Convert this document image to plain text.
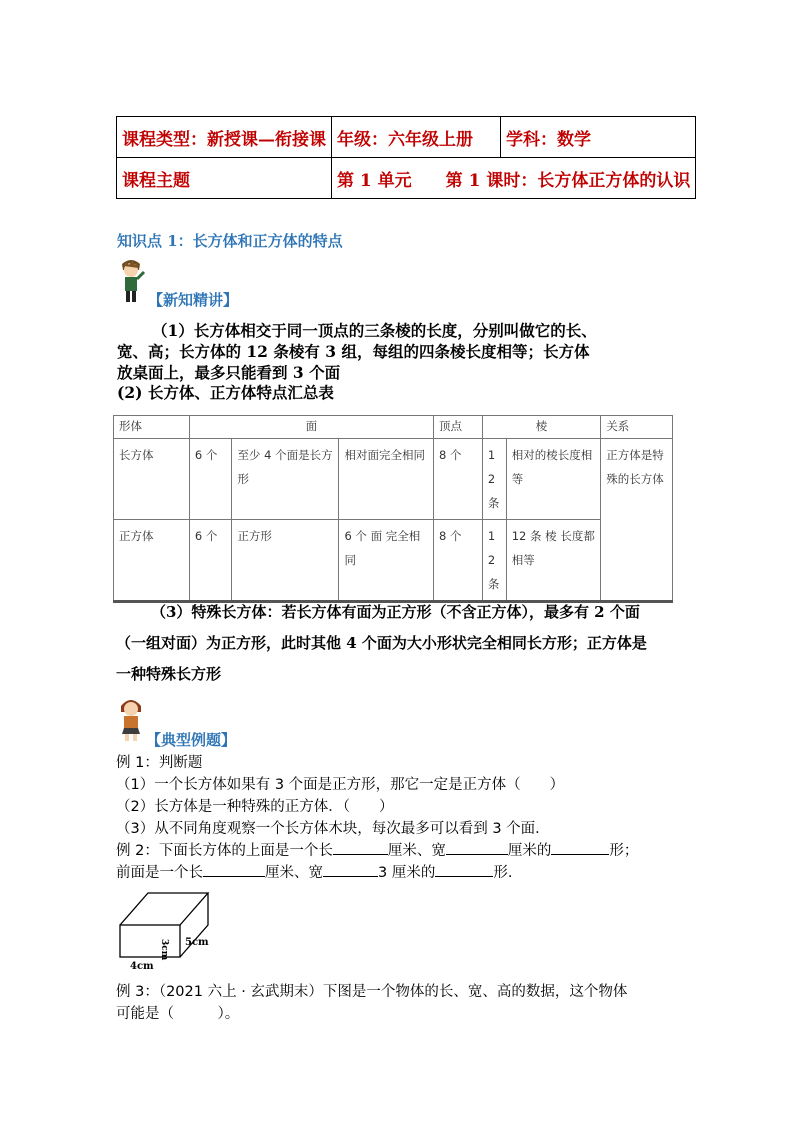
课程类型：新授课—衔接课	年级：六年级上册	学科：数学
课程主题	第 1 单元　　第 1 课时：长方体正方体的认识	
知识点 1：长方体和正方体的特点
【新知精讲】
（1）长方体相交于同一顶点的三条棱的长度，分别叫做它的长、
宽、高；长方体的 12 条棱有 3 组，每组的四条棱长度相等；长方体
放桌面上，最多只能看到 3 个面
(2) 长方体、正方体特点汇总表
形体	面			顶点	棱		关系
长方体	6 个	至少 4 个面是长方形	相对面完全相同	8 个	1 2 条	相对的棱长度相等	正方体是特殊的长方体
正方体	6 个	正方形	6 个 面 完全相同	8 个	1 2 条	12 条 棱 长度都相等	
（3）特殊长方体：若长方体有面为正方形（不含正方体），最多有 2 个面
（一组对面）为正方形，此时其他 4 个面为大小形状完全相同长方形；正方体是
一种特殊长方形
【典型例题】
例 1：判断题
（1）一个长方体如果有 3 个面是正方形，那它一定是正方体（　　）
（2）长方体是一种特殊的正方体．（　　）
（3）从不同角度观察一个长方体木块，每次最多可以看到 3 个面．
例 2：下面长方体的上面是一个长	厘米、宽	厘米的	形；
前面是一个长	厘米、宽	3 厘米的	形.
3cm 5cm
4cm
例 3：（2021 六上 · 玄武期末）下图是一个物体的长、宽、高的数据，这个物体
可能是（　　　）。
